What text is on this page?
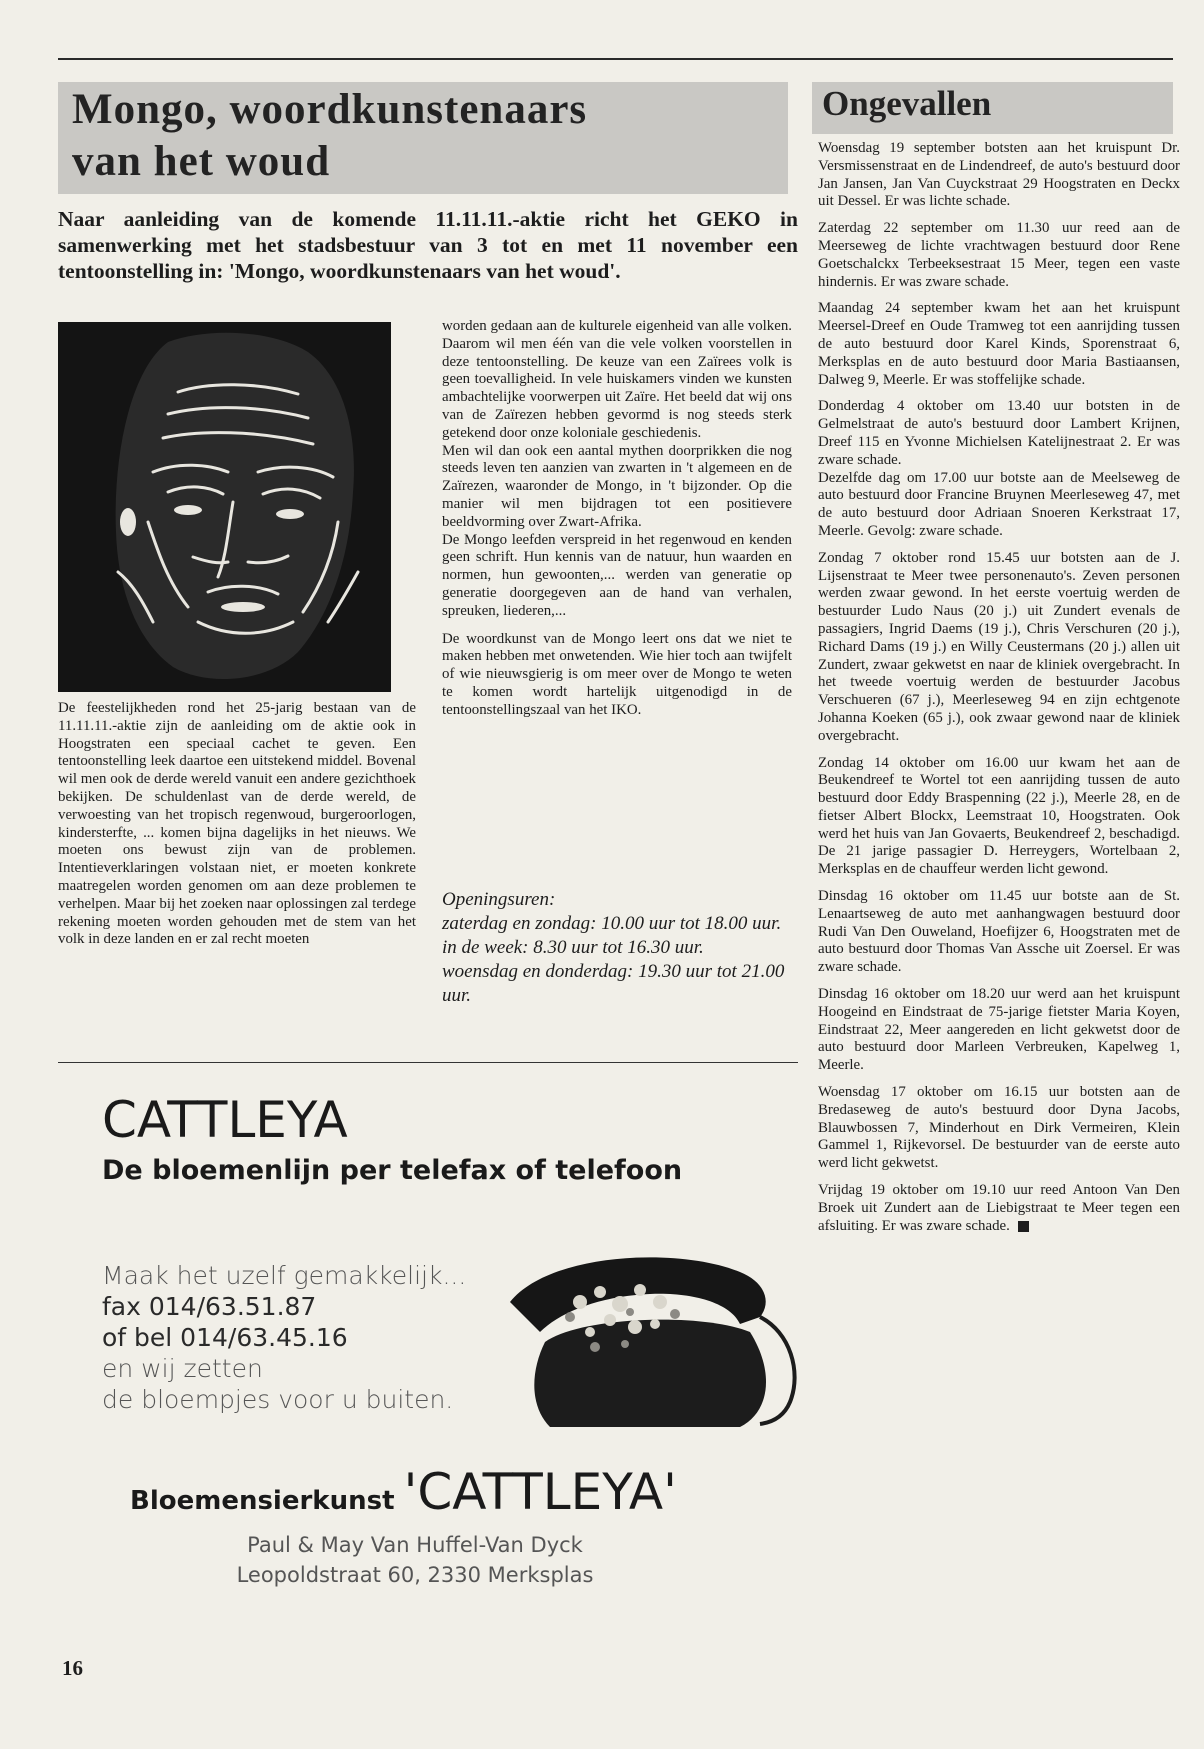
Mongo, woordkunstenaars
van het woud
Ongevallen

Naar aanleiding van de komende 11.11.11.-aktie richt het GEKO in samenwerking met het stadsbestuur van 3 tot en met 11 november een tentoonstelling in: 'Mongo, woordkunstenaars van het woud'.

De feestelijkheden rond het 25-jarig bestaan van de 11.11.11.-aktie zijn de aanleiding om de aktie ook in Hoogstraten een speciaal cachet te geven. Een tentoonstelling leek daartoe een uitstekend middel. Bovenal wil men ook de derde wereld vanuit een andere gezichthoek bekijken. De schuldenlast van de derde wereld, de verwoesting van het tropisch regenwoud, burgeroorlogen, kindersterfte, ... komen bijna dagelijks in het nieuws. We moeten ons bewust zijn van de problemen. Intentieverklaringen volstaan niet, er moeten konkrete maatregelen worden genomen om aan deze problemen te verhelpen. Maar bij het zoeken naar oplossingen zal terdege rekening moeten worden gehouden met de stem van het volk in deze landen en er zal recht moeten

worden gedaan aan de kulturele eigenheid van alle volken. Daarom wil men één van die vele volken voorstellen in deze tentoonstelling. De keuze van een Zaïrees volk is geen toevalligheid. In vele huiskamers vinden we kunsten ambachtelijke voorwerpen uit Zaïre. Het beeld dat wij ons van de Zaïrezen hebben gevormd is nog steeds sterk getekend door onze koloniale geschiedenis.

Men wil dan ook een aantal mythen doorprikken die nog steeds leven ten aanzien van zwarten in 't algemeen en de Zaïrezen, waaronder de Mongo, in 't bijzonder. Op die manier wil men bijdragen tot een positievere beeldvorming over Zwart-Afrika.

De Mongo leefden verspreid in het regenwoud en kenden geen schrift. Hun kennis van de natuur, hun waarden en normen, hun gewoonten,... werden van generatie op generatie doorgegeven aan de hand van verhalen, spreuken, liederen,...

De woordkunst van de Mongo leert ons dat we niet te maken hebben met onwetenden. Wie hier toch aan twijfelt of wie nieuwsgierig is om meer over de Mongo te weten te komen wordt hartelijk uitgenodigd in de tentoonstellingszaal van het IKO.

Openingsuren:
zaterdag en zondag: 10.00 uur tot 18.00 uur.
in de week: 8.30 uur tot 16.30 uur.
woensdag en donderdag: 19.30 uur tot 21.00 uur.

Woensdag 19 september botsten aan het kruispunt Dr. Versmissenstraat en de Lindendreef, de auto's bestuurd door Jan Jansen, Jan Van Cuyckstraat 29 Hoogstraten en Deckx uit Dessel. Er was lichte schade.

Zaterdag 22 september om 11.30 uur reed aan de Meerseweg de lichte vrachtwagen bestuurd door Rene Goetschalckx Terbeeksestraat 15 Meer, tegen een vaste hindernis. Er was zware schade.

Maandag 24 september kwam het aan het kruispunt Meersel-Dreef en Oude Tramweg tot een aanrijding tussen de auto bestuurd door Karel Kinds, Sporenstraat 6, Merksplas en de auto bestuurd door Maria Bastiaansen, Dalweg 9, Meerle. Er was stoffelijke schade.

Donderdag 4 oktober om 13.40 uur botsten in de Gelmelstraat de auto's bestuurd door Lambert Krijnen, Dreef 115 en Yvonne Michielsen Katelijnestraat 2. Er was zware schade.

Dezelfde dag om 17.00 uur botste aan de Meelseweg de auto bestuurd door Francine Bruynen Meerleseweg 47, met de auto bestuurd door Adriaan Snoeren Kerkstraat 17, Meerle. Gevolg: zware schade.

Zondag 7 oktober rond 15.45 uur botsten aan de J. Lijsenstraat te Meer twee personenauto's. Zeven personen werden zwaar gewond. In het eerste voertuig werden de bestuurder Ludo Naus (20 j.) uit Zundert evenals de passagiers, Ingrid Daems (19 j.), Chris Verschuren (20 j.), Richard Dams (19 j.) en Willy Ceustermans (20 j.) allen uit Zundert, zwaar gekwetst en naar de kliniek overgebracht. In het tweede voertuig werden de bestuurder Jacobus Verschueren (67 j.), Meerleseweg 94 en zijn echtgenote Johanna Koeken (65 j.), ook zwaar gewond naar de kliniek overgebracht.

Zondag 14 oktober om 16.00 uur kwam het aan de Beukendreef te Wortel tot een aanrijding tussen de auto bestuurd door Eddy Braspenning (22 j.), Meerle 28, en de fietser Albert Blockx, Leemstraat 10, Hoogstraten. Ook werd het huis van Jan Govaerts, Beukendreef 2, beschadigd. De 21 jarige passagier D. Herreygers, Wortelbaan 2, Merksplas en de chauffeur werden licht gewond.

Dinsdag 16 oktober om 11.45 uur botste aan de St. Lenaartseweg de auto met aanhangwagen bestuurd door Rudi Van Den Ouweland, Hoefijzer 6, Hoogstraten met de auto bestuurd door Thomas Van Assche uit Zoersel. Er was zware schade.

Dinsdag 16 oktober om 18.20 uur werd aan het kruispunt Hoogeind en Eindstraat de 75-jarige fietster Maria Koyen, Eindstraat 22, Meer aangereden en licht gekwetst door de auto bestuurd door Marleen Verbreuken, Kapelweg 1, Meerle.

Woensdag 17 oktober om 16.15 uur botsten aan de Bredaseweg de auto's bestuurd door Dyna Jacobs, Blauwbossen 7, Minderhout en Dirk Vermeiren, Klein Gammel 1, Rijkevorsel. De bestuurder van de eerste auto werd licht gekwetst.

Vrijdag 19 oktober om 19.10 uur reed Antoon Van Den Broek uit Zundert aan de Liebigstraat te Meer tegen een afsluiting. Er was zware schade.

CATTLEYA

De bloemenlijn per telefax of telefoon

Maak het uzelf gemakkelijk...
fax 014/63.51.87
of bel 014/63.45.16
en wij zetten
de bloempjes voor u buiten.

Bloemensierkunst 'CATTLEYA'

Paul & May Van Huffel-Van Dyck
Leopoldstraat 60, 2330 Merksplas

16
